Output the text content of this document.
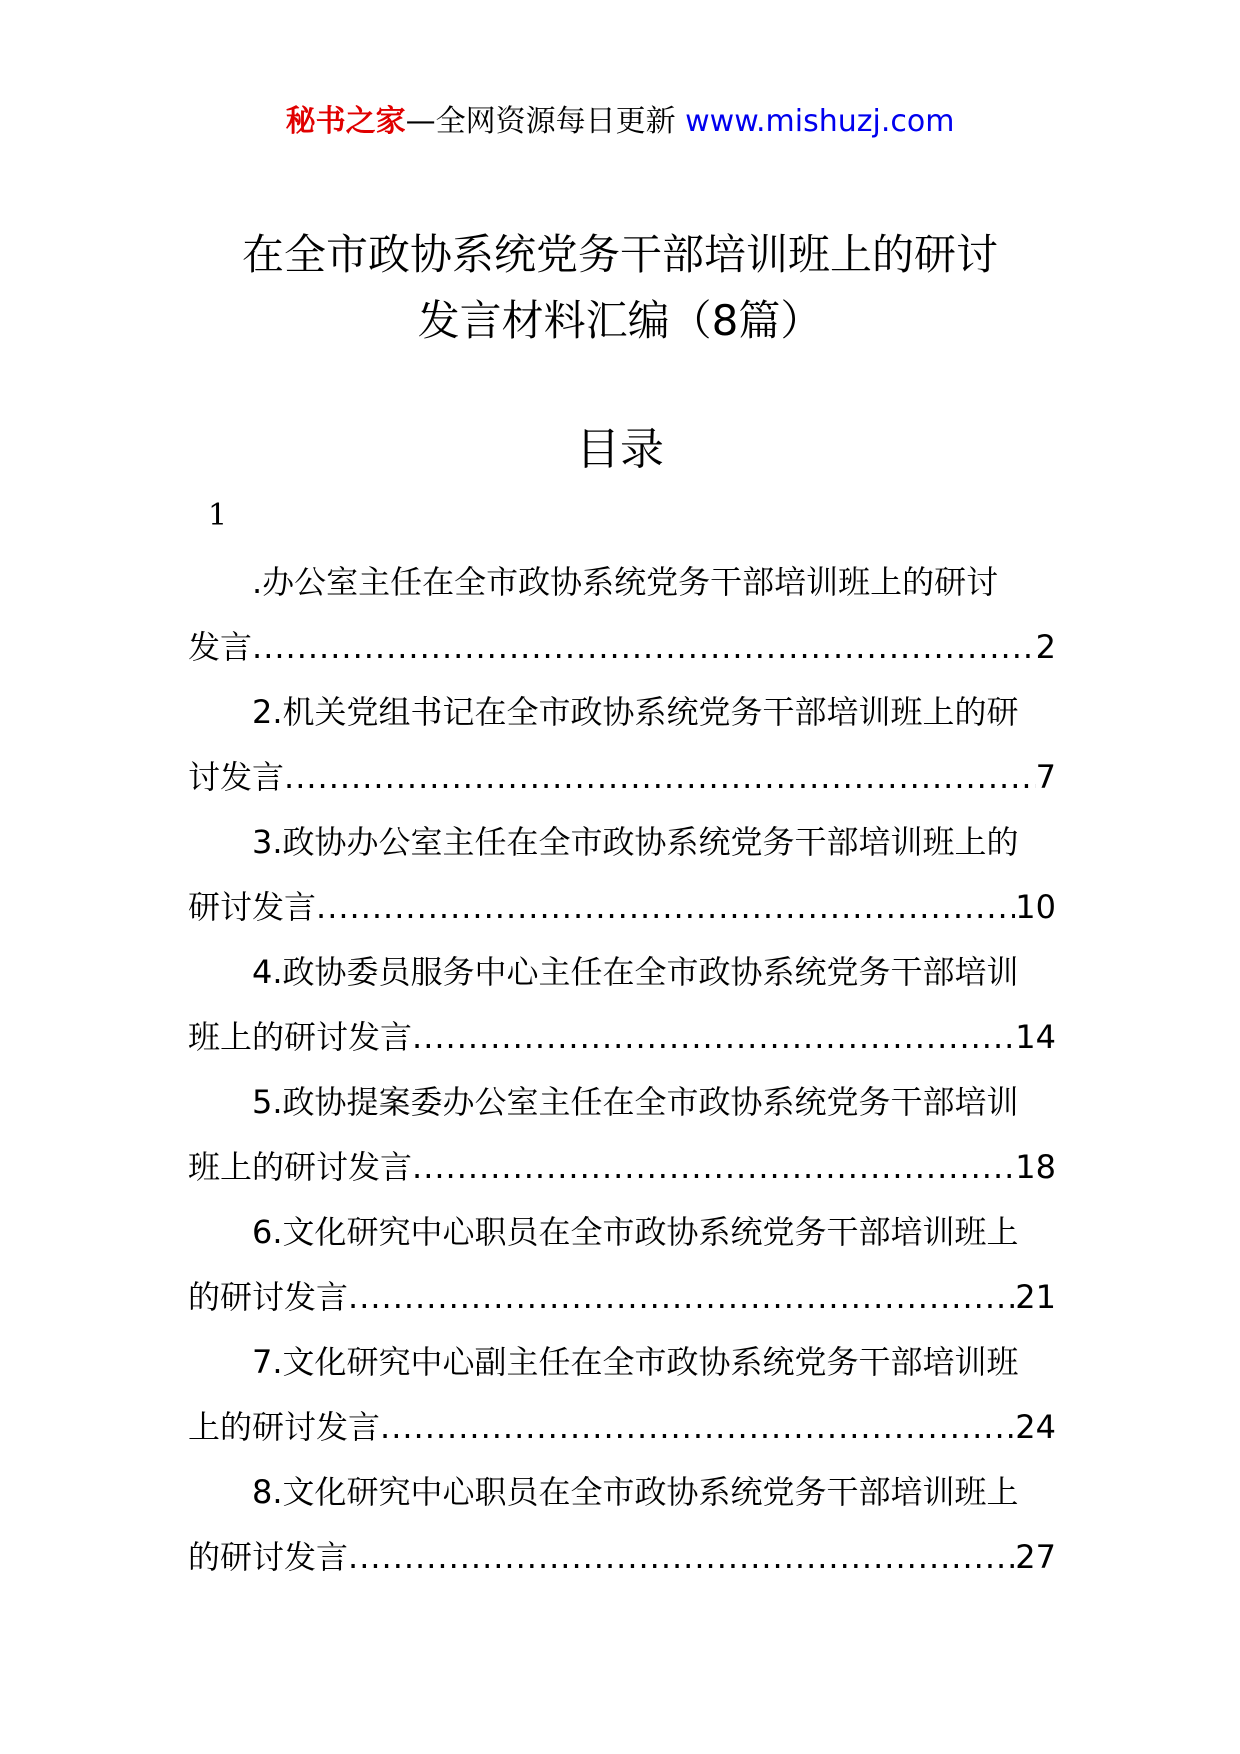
秘书之家—全网资源每日更新 www.mishuzj.com
在全市政协系统党务干部培训班上的研讨
发言材料汇编（8篇）
目录
1
.办公室主任在全市政协系统党务干部培训班上的研讨
发言 .....	2
2.机关党组书记在全市政协系统党务干部培训班上的研
讨发言 .....	7
3.政协办公室主任在全市政协系统党务干部培训班上的
研讨发言 .....	10
4.政协委员服务中心主任在全市政协系统党务干部培训
班上的研讨发言 .....	14
5.政协提案委办公室主任在全市政协系统党务干部培训
班上的研讨发言 .....	18
6.文化研究中心职员在全市政协系统党务干部培训班上
的研讨发言 .....	21
7.文化研究中心副主任在全市政协系统党务干部培训班
上的研讨发言 .....	24
8.文化研究中心职员在全市政协系统党务干部培训班上
的研讨发言 .....	27
